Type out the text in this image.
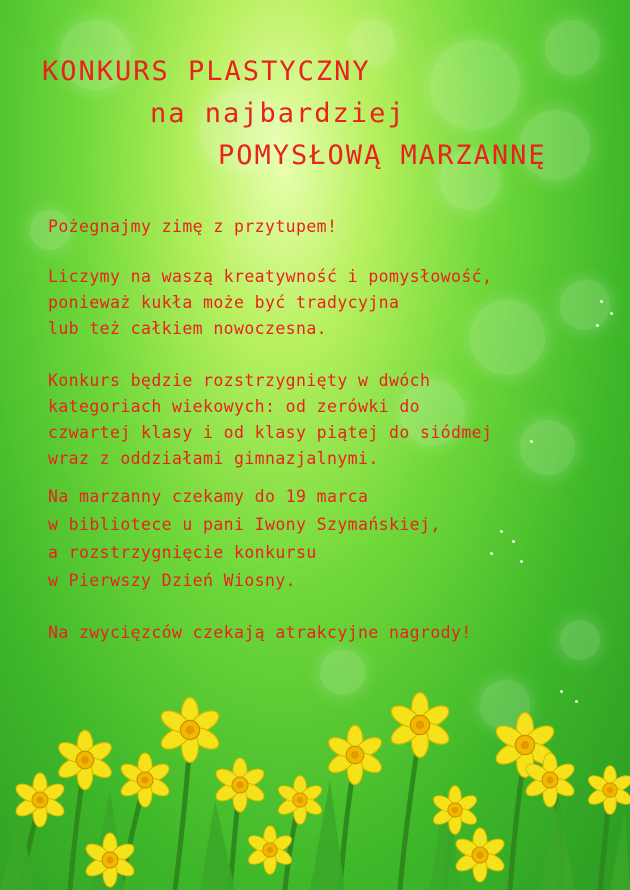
KONKURS PLASTYCZNY
na najbardziej
POMYSŁOWĄ MARZANNĘ

Pożegnajmy zimę z przytupem!

Liczymy na waszą kreatywność i pomysłowość,

ponieważ kukła może być tradycyjna

lub też całkiem nowoczesna.

Konkurs będzie rozstrzygnięty w dwóch

kategoriach wiekowych: od zerówki do

czwartej klasy i od klasy piątej do siódmej

wraz z oddziałami gimnazjalnymi.

Na marzanny czekamy do 19 marca

w bibliotece u pani Iwony Szymańskiej,

a rozstrzygnięcie konkursu

w Pierwszy Dzień Wiosny.

Na zwycięzców czekają atrakcyjne nagrody!
